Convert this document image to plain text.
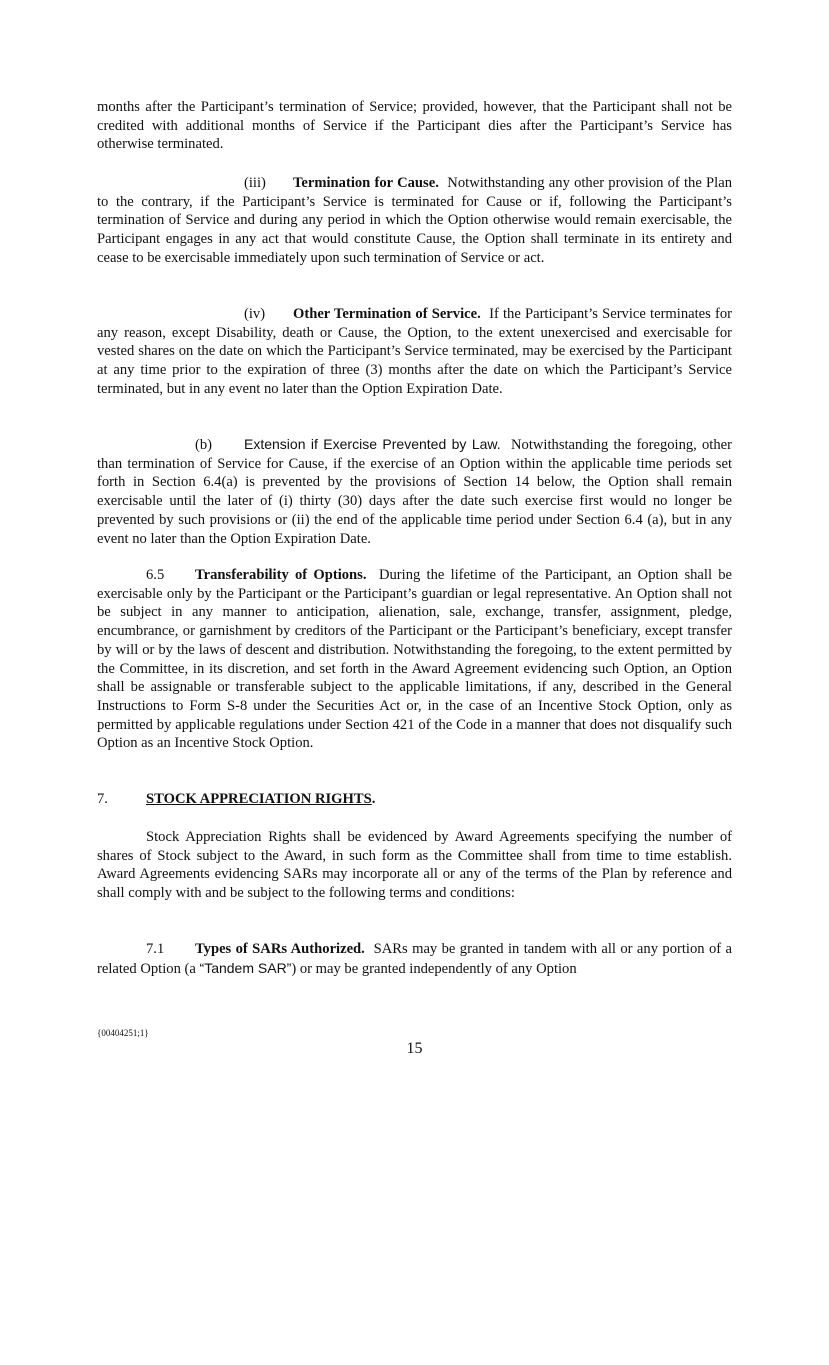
months after the Participant’s termination of Service; provided, however, that the Participant shall not be credited with additional months of Service if the Participant dies after the Participant’s Service has otherwise terminated.

(iii) Termination for Cause. Notwithstanding any other provision of the Plan to the contrary, if the Participant’s Service is terminated for Cause or if, following the Participant’s termination of Service and during any period in which the Option otherwise would remain exercisable, the Participant engages in any act that would constitute Cause, the Option shall terminate in its entirety and cease to be exercisable immediately upon such termination of Service or act.

(iv) Other Termination of Service. If the Participant’s Service terminates for any reason, except Disability, death or Cause, the Option, to the extent unexercised and exercisable for vested shares on the date on which the Participant’s Service terminated, may be exercised by the Participant at any time prior to the expiration of three (3) months after the date on which the Participant’s Service terminated, but in any event no later than the Option Expiration Date.

(b) Extension if Exercise Prevented by Law. Notwithstanding the foregoing, other than termination of Service for Cause, if the exercise of an Option within the applicable time periods set forth in Section 6.4(a) is prevented by the provisions of Section 14 below, the Option shall remain exercisable until the later of (i) thirty (30) days after the date such exercise first would no longer be prevented by such provisions or (ii) the end of the applicable time period under Section 6.4 (a), but in any event no later than the Option Expiration Date.

6.5 Transferability of Options. During the lifetime of the Participant, an Option shall be exercisable only by the Participant or the Participant’s guardian or legal representative. An Option shall not be subject in any manner to anticipation, alienation, sale, exchange, transfer, assignment, pledge, encumbrance, or garnishment by creditors of the Participant or the Participant’s beneficiary, except transfer by will or by the laws of descent and distribution. Notwithstanding the foregoing, to the extent permitted by the Committee, in its discretion, and set forth in the Award Agreement evidencing such Option, an Option shall be assignable or transferable subject to the applicable limitations, if any, described in the General Instructions to Form S-8 under the Securities Act or, in the case of an Incentive Stock Option, only as permitted by applicable regulations under Section 421 of the Code in a manner that does not disqualify such Option as an Incentive Stock Option.

7.	STOCK APPRECIATION RIGHTS.

Stock Appreciation Rights shall be evidenced by Award Agreements specifying the number of shares of Stock subject to the Award, in such form as the Committee shall from time to time establish. Award Agreements evidencing SARs may incorporate all or any of the terms of the Plan by reference and shall comply with and be subject to the following terms and conditions:

7.1 Types of SARs Authorized. SARs may be granted in tandem with all or any portion of a related Option (a “Tandem SAR”) or may be granted independently of any Option

{00404251;1}
15
